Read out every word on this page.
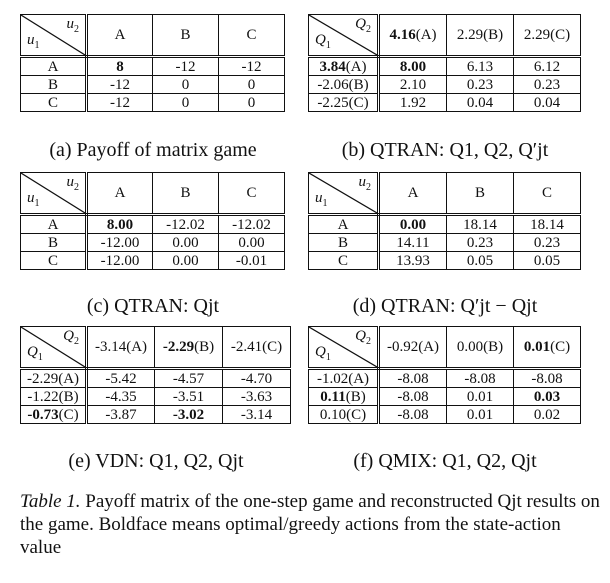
$u_2$
$u_1$	A	B	C
A	8	-12	-12
B	-12	0	0
C	-12	0	0
$Q_2$
$Q_1$	4.16(A)	2.29(B)	2.29(C)
3.84(A)	8.00	6.13	6.12
-2.06(B)	2.10	0.23	0.23
-2.25(C)	1.92	0.04	0.04
$u_2$
$u_1$	A	B	C
A	8.00	-12.02	-12.02
B	-12.00	0.00	0.00
C	-12.00	0.00	-0.01
$u_2$
$u_1$	A	B	C
A	0.00	18.14	18.14
B	14.11	0.23	0.23
C	13.93	0.05	0.05
$Q_2$
$Q_1$	-3.14(A)	-2.29(B)	-2.41(C)
-2.29(A)	-5.42	-4.57	-4.70
-1.22(B)	-4.35	-3.51	-3.63
-0.73(C)	-3.87	-3.02	-3.14
$Q_2$
$Q_1$	-0.92(A)	0.00(B)	0.01(C)
-1.02(A)	-8.08	-8.08	-8.08
0.11(B)	-8.08	0.01	0.03
0.10(C)	-8.08	0.01	0.02
(a) Payoff of matrix game	(b) QTRAN: Q1, Q2, Q′jt
(c) QTRAN: Qjt	(d) QTRAN: Q′jt − Qjt
(e) VDN: Q1, Q2, Qjt	(f) QMIX: Q1, Q2, Qjt
Table 1. Payoff matrix of the one-step game and reconstructed Qjt results on the game. Boldface means optimal/greedy actions from the state-action value
